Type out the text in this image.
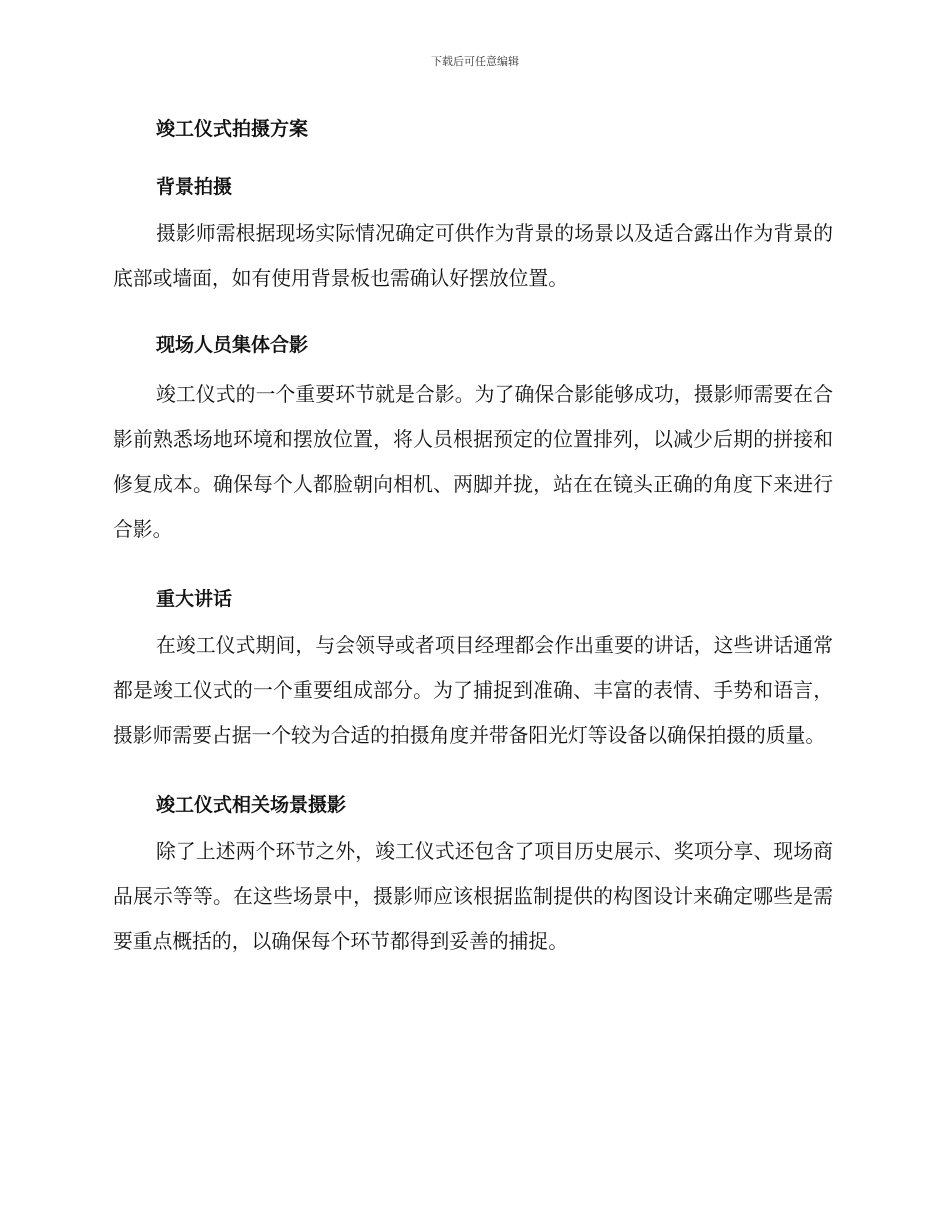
下载后可任意编辑
竣工仪式拍摄方案
背景拍摄

摄影师需根据现场实际情况确定可供作为背景的场景以及适合露出作为背景的底部或墙面，如有使用背景板也需确认好摆放位置。

现场人员集体合影

竣工仪式的一个重要环节就是合影。为了确保合影能够成功，摄影师需要在合影前熟悉场地环境和摆放位置，将人员根据预定的位置排列，以减少后期的拼接和修复成本。确保每个人都脸朝向相机、两脚并拢，站在在镜头正确的角度下来进行合影。

重大讲话

在竣工仪式期间，与会领导或者项目经理都会作出重要的讲话，这些讲话通常都是竣工仪式的一个重要组成部分。为了捕捉到准确、丰富的表情、手势和语言，摄影师需要占据一个较为合适的拍摄角度并带备阳光灯等设备以确保拍摄的质量。

竣工仪式相关场景摄影

除了上述两个环节之外，竣工仪式还包含了项目历史展示、奖项分享、现场商品展示等等。在这些场景中，摄影师应该根据监制提供的构图设计来确定哪些是需要重点概括的，以确保每个环节都得到妥善的捕捉。
